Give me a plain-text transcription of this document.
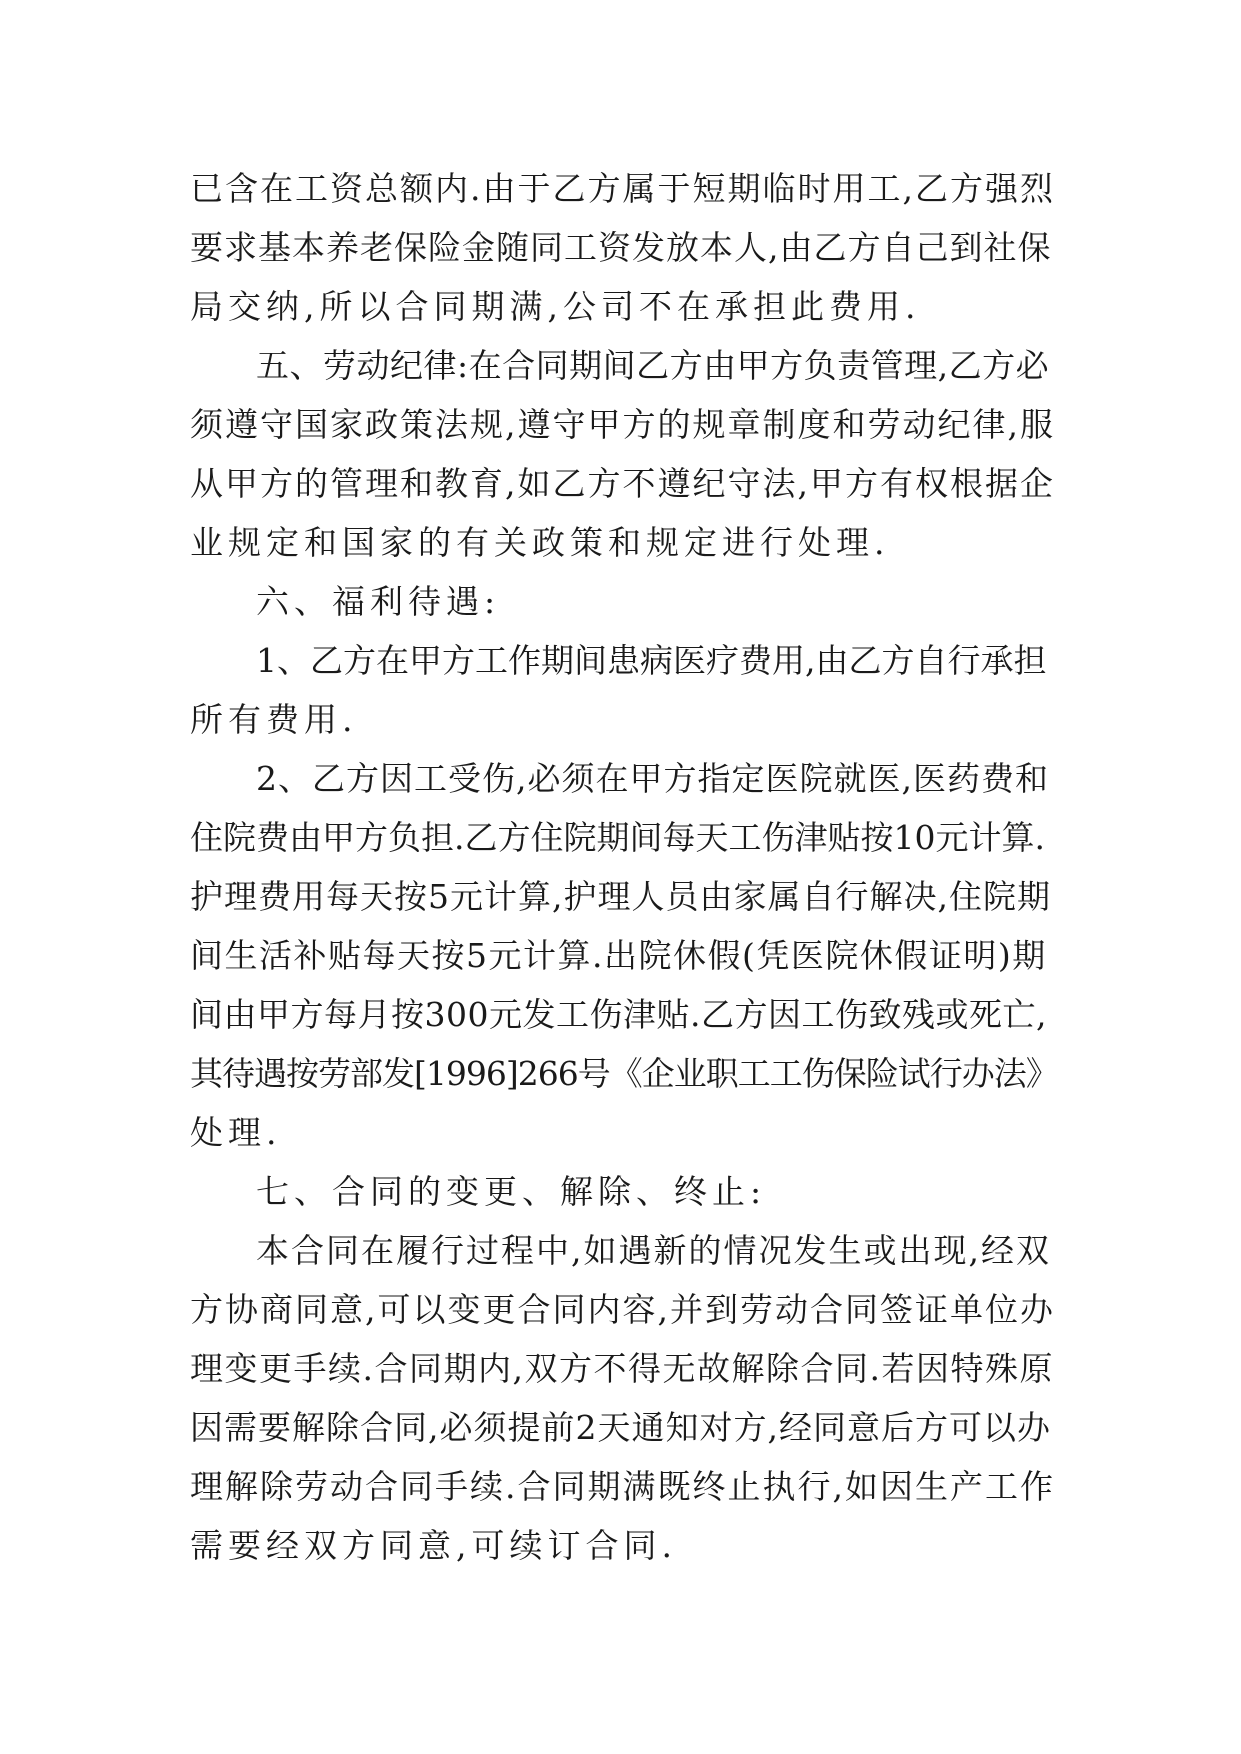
已含在工资总额内.由于乙方属于短期临时用工,乙方强烈
要求基本养老保险金随同工资发放本人,由乙方自己到社保
局交纳,所以合同期满,公司不在承担此费用.
五、劳动纪律:在合同期间乙方由甲方负责管理,乙方必
须遵守国家政策法规,遵守甲方的规章制度和劳动纪律,服
从甲方的管理和教育,如乙方不遵纪守法,甲方有权根据企
业规定和国家的有关政策和规定进行处理.
六、福利待遇:
1、乙方在甲方工作期间患病医疗费用,由乙方自行承担
所有费用.
2、乙方因工受伤,必须在甲方指定医院就医,医药费和
住院费由甲方负担.乙方住院期间每天工伤津贴按10元计算.
护理费用每天按5元计算,护理人员由家属自行解决,住院期
间生活补贴每天按5元计算.出院休假(凭医院休假证明)期
间由甲方每月按300元发工伤津贴.乙方因工伤致残或死亡,
其待遇按劳部发[1996]266号《企业职工工伤保险试行办法》
处理.
七、合同的变更、解除、终止:
本合同在履行过程中,如遇新的情况发生或出现,经双
方协商同意,可以变更合同内容,并到劳动合同签证单位办
理变更手续.合同期内,双方不得无故解除合同.若因特殊原
因需要解除合同,必须提前2天通知对方,经同意后方可以办
理解除劳动合同手续.合同期满既终止执行,如因生产工作
需要经双方同意,可续订合同.
